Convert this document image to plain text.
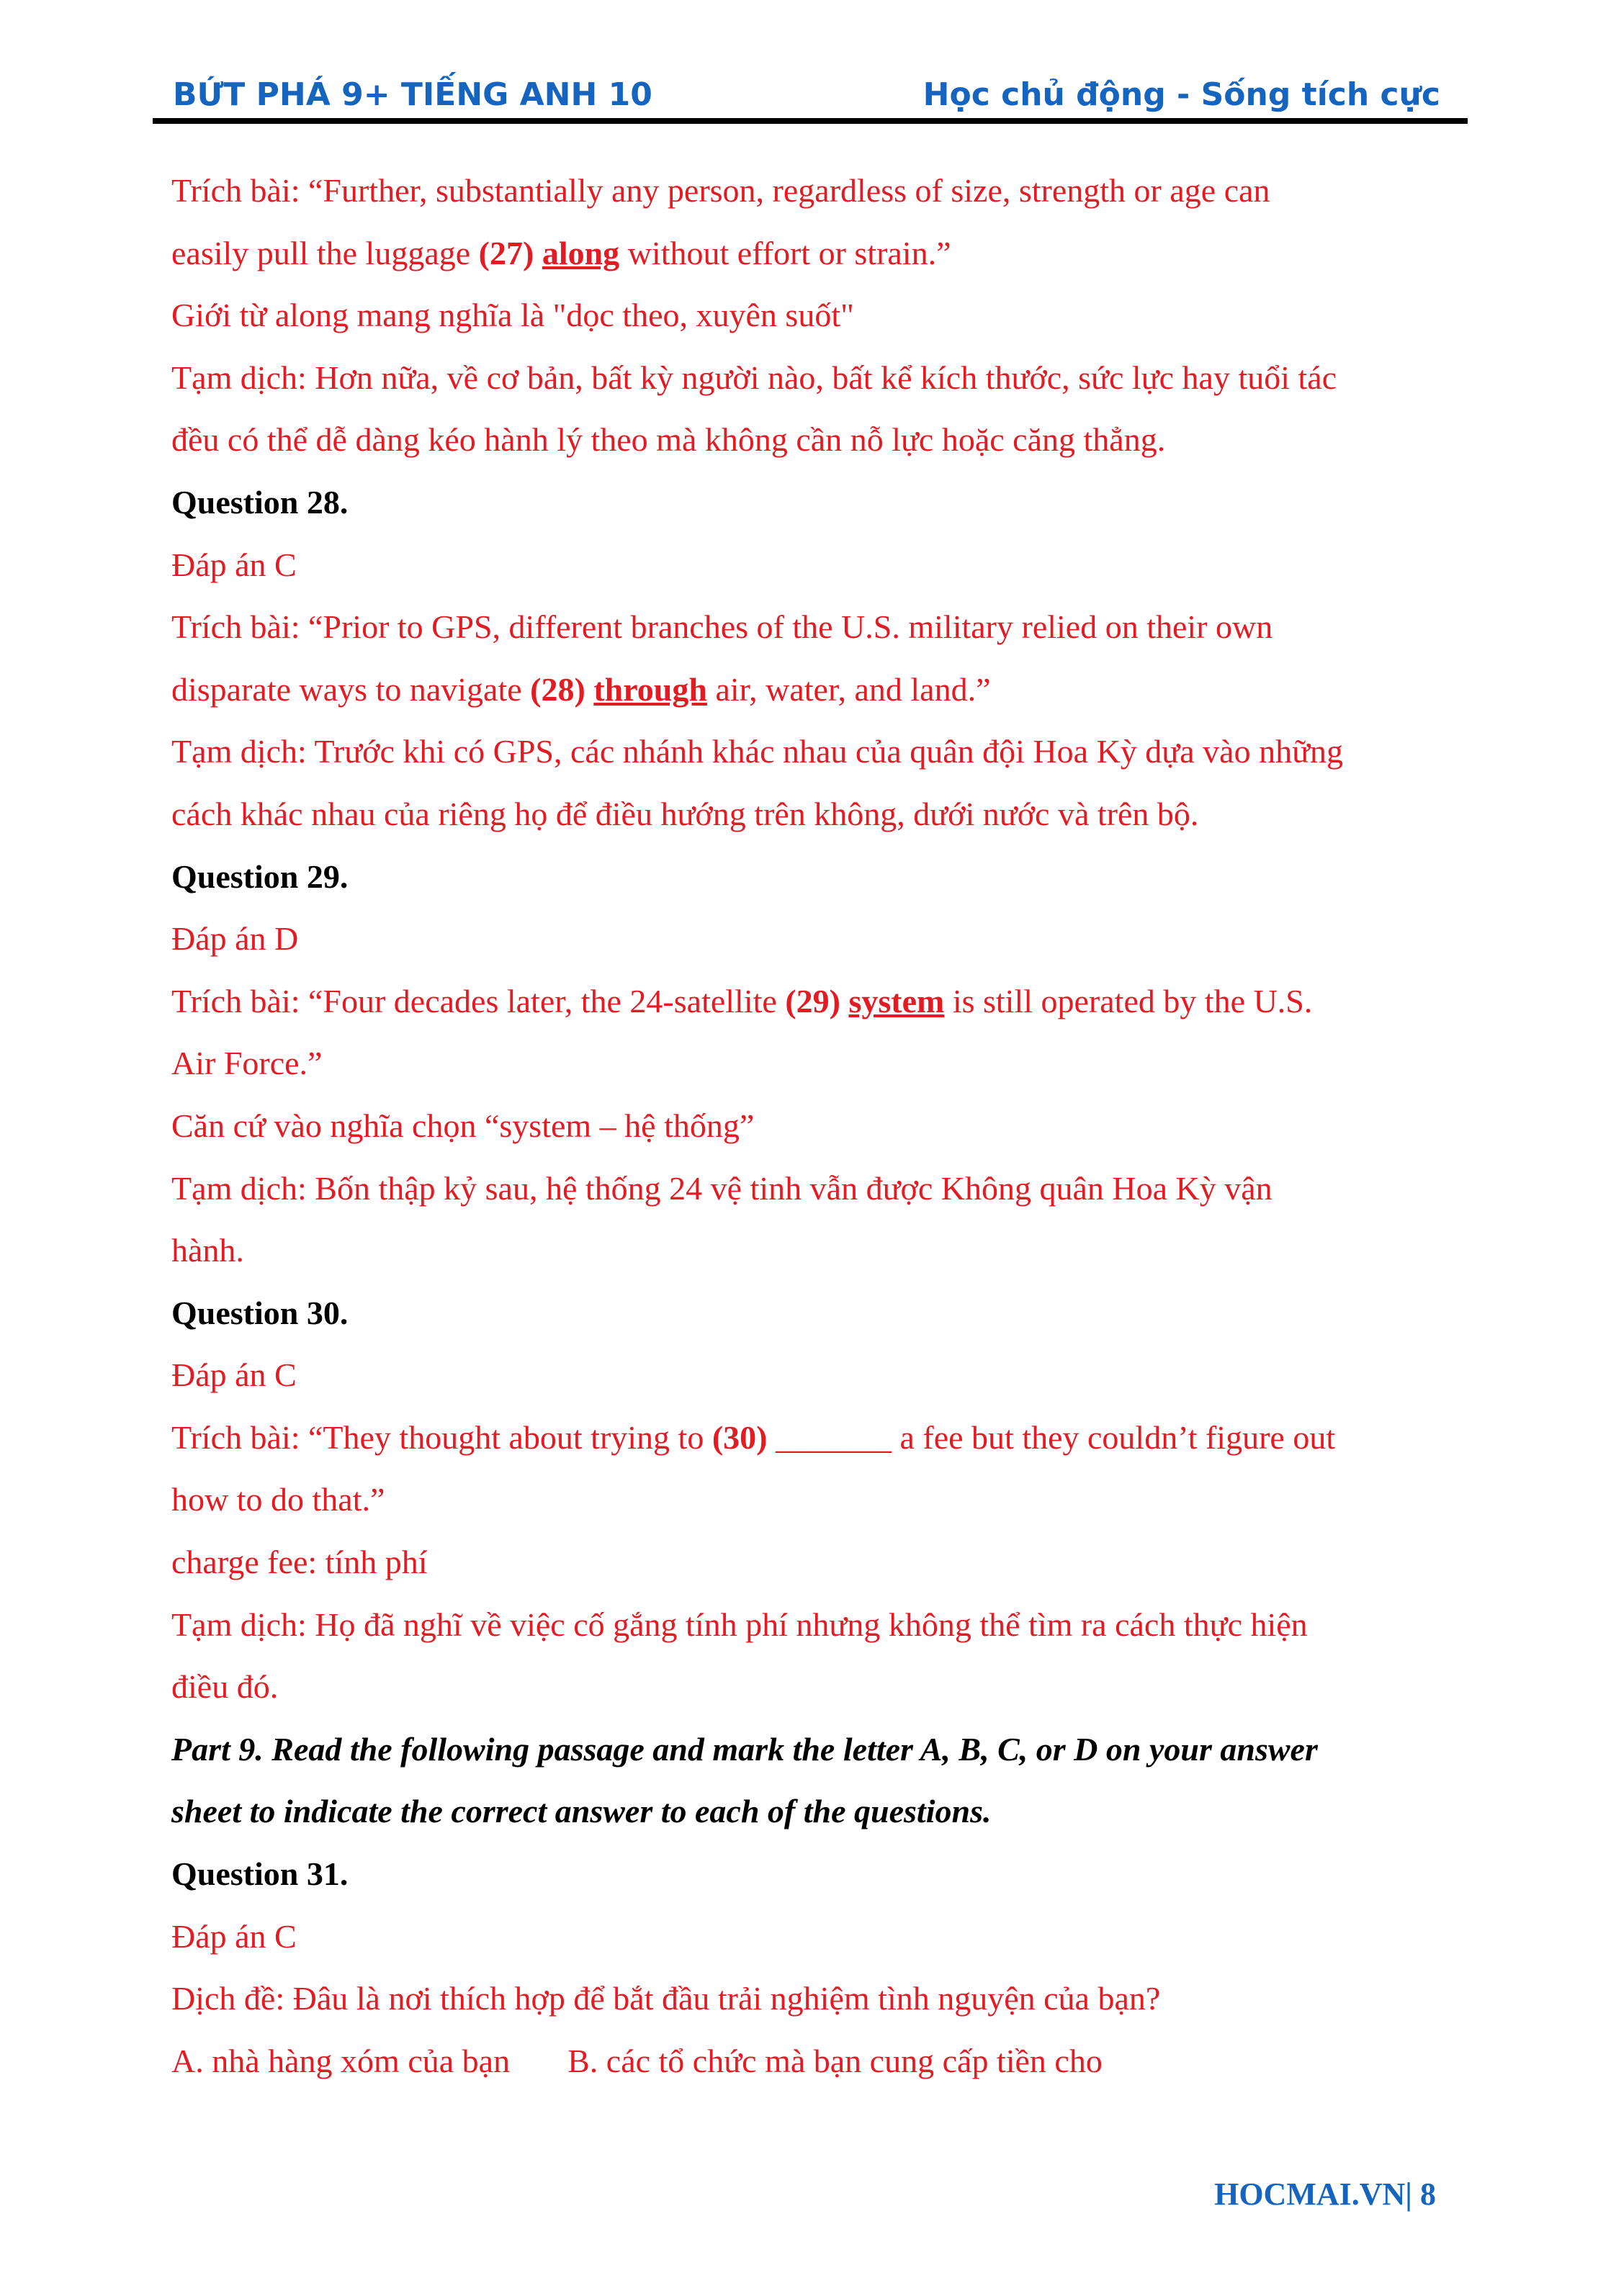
BỨT PHÁ 9+ TIẾNG ANH 10	Học chủ động - Sống tích cực
Trích bài: “Further, substantially any person, regardless of size, strength or age can
easily pull the luggage (27) along without effort or strain.”
Giới từ along mang nghĩa là "dọc theo, xuyên suốt"
Tạm dịch: Hơn nữa, về cơ bản, bất kỳ người nào, bất kể kích thước, sức lực hay tuổi tác
đều có thể dễ dàng kéo hành lý theo mà không cần nỗ lực hoặc căng thẳng.
Question 28.
Đáp án C
Trích bài: “Prior to GPS, different branches of the U.S. military relied on their own
disparate ways to navigate (28) through air, water, and land.”
Tạm dịch: Trước khi có GPS, các nhánh khác nhau của quân đội Hoa Kỳ dựa vào những
cách khác nhau của riêng họ để điều hướng trên không, dưới nước và trên bộ.
Question 29.
Đáp án D
Trích bài: “Four decades later, the 24-satellite (29) system is still operated by the U.S.
Air Force.”
Căn cứ vào nghĩa chọn “system – hệ thống”
Tạm dịch: Bốn thập kỷ sau, hệ thống 24 vệ tinh vẫn được Không quân Hoa Kỳ vận
hành.
Question 30.
Đáp án C
Trích bài: “They thought about trying to (30) _______ a fee but they couldn’t figure out
how to do that.”
charge fee: tính phí
Tạm dịch: Họ đã nghĩ về việc cố gắng tính phí nhưng không thể tìm ra cách thực hiện
điều đó.
Part 9. Read the following passage and mark the letter A, B, C, or D on your answer
sheet to indicate the correct answer to each of the questions.
Question 31.
Đáp án C
Dịch đề: Đâu là nơi thích hợp để bắt đầu trải nghiệm tình nguyện của bạn?
A. nhà hàng xóm của bạn B. các tổ chức mà bạn cung cấp tiền cho
HOCMAI.VN| 8
